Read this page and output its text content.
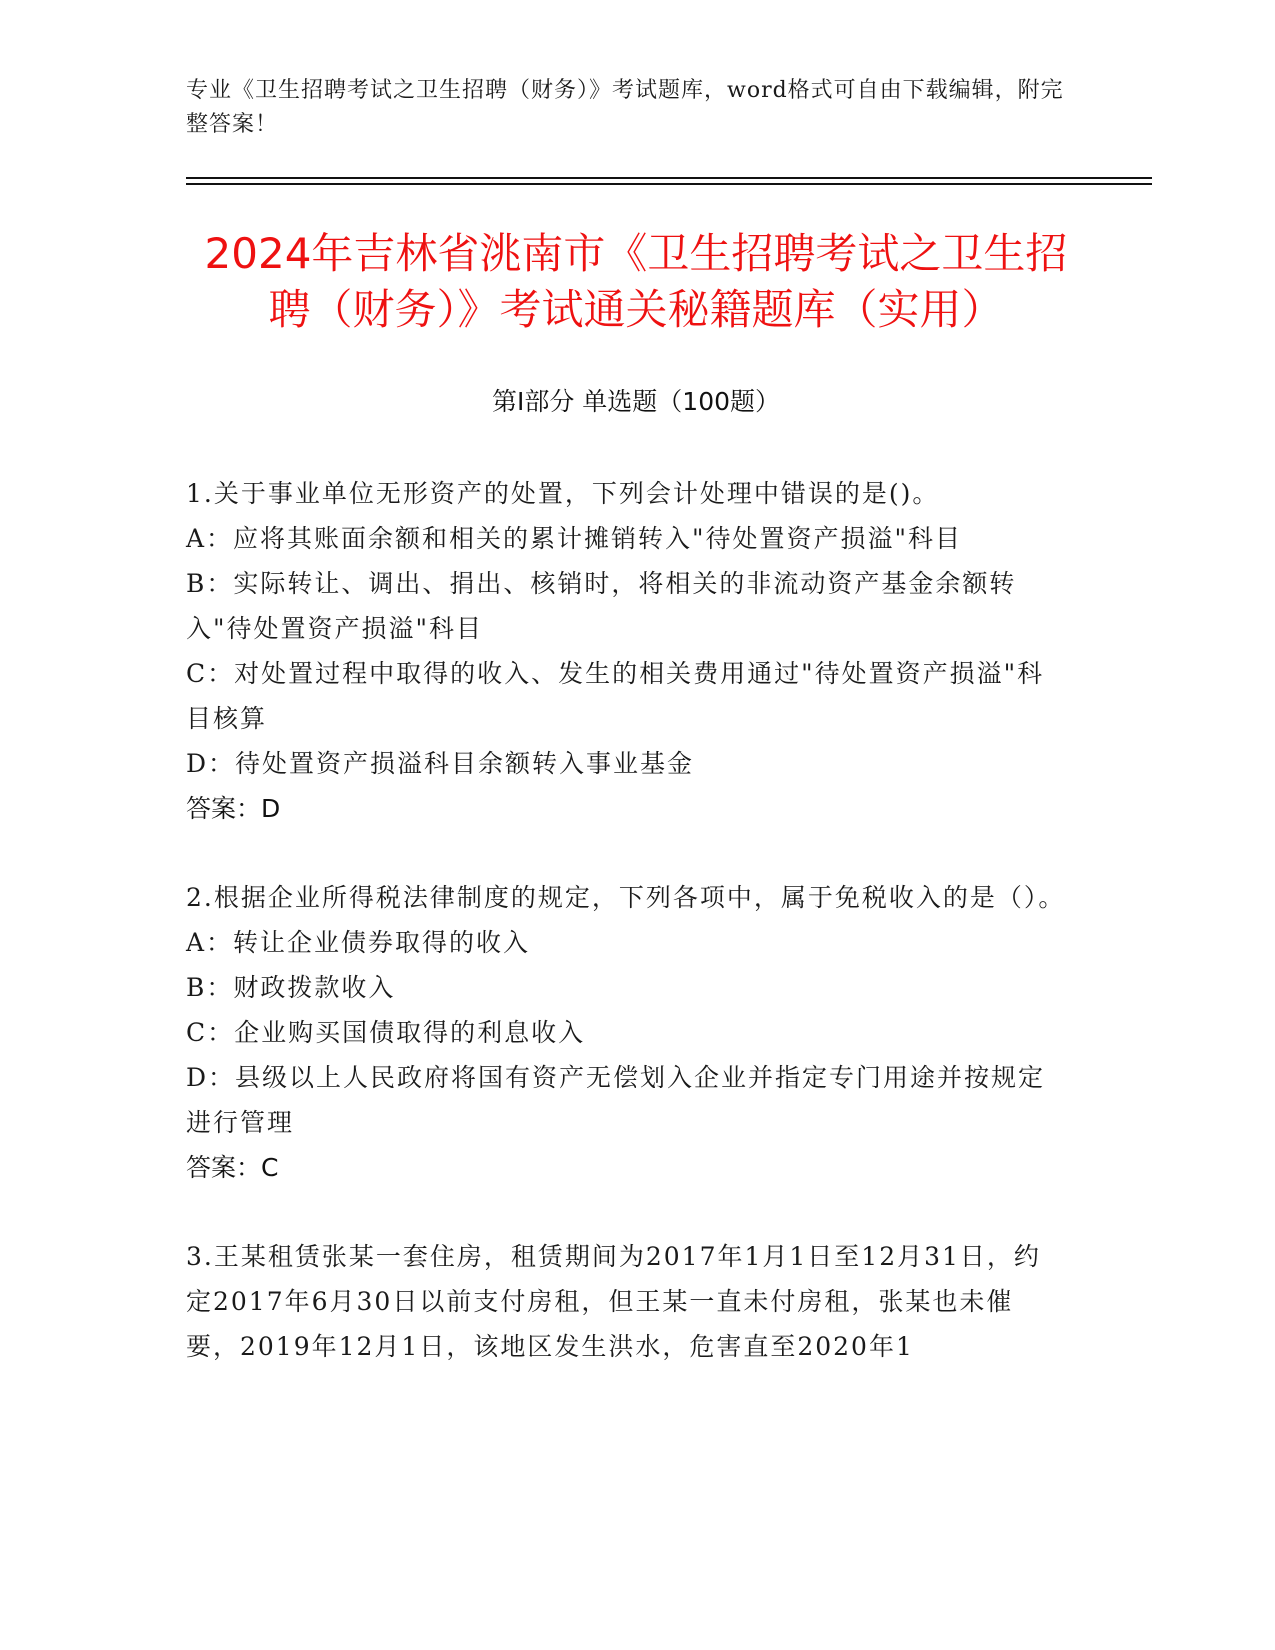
专业《卫生招聘考试之卫生招聘（财务）》考试题库，word格式可自由下载编辑，附完整答案！
2024年吉林省洮南市《卫生招聘考试之卫生招聘（财务）》考试通关秘籍题库（实用）
第I部分 单选题（100题）

1.关于事业单位无形资产的处置，下列会计处理中错误的是()。

A：应将其账面余额和相关的累计摊销转入"待处置资产损溢"科目

B：实际转让、调出、捐出、核销时，将相关的非流动资产基金余额转入"待处置资产损溢"科目

C：对处置过程中取得的收入、发生的相关费用通过"待处置资产损溢"科目核算

D：待处置资产损溢科目余额转入事业基金

答案：D

2.根据企业所得税法律制度的规定，下列各项中，属于免税收入的是（）。

A：转让企业债券取得的收入

B：财政拨款收入

C：企业购买国债取得的利息收入

D：县级以上人民政府将国有资产无偿划入企业并指定专门用途并按规定进行管理

答案：C

3.王某租赁张某一套住房，租赁期间为2017年1月1日至12月31日，约定2017年6月30日以前支付房租，但王某一直未付房租，张某也未催要，2019年12月1日，该地区发生洪水，危害直至2020年1
